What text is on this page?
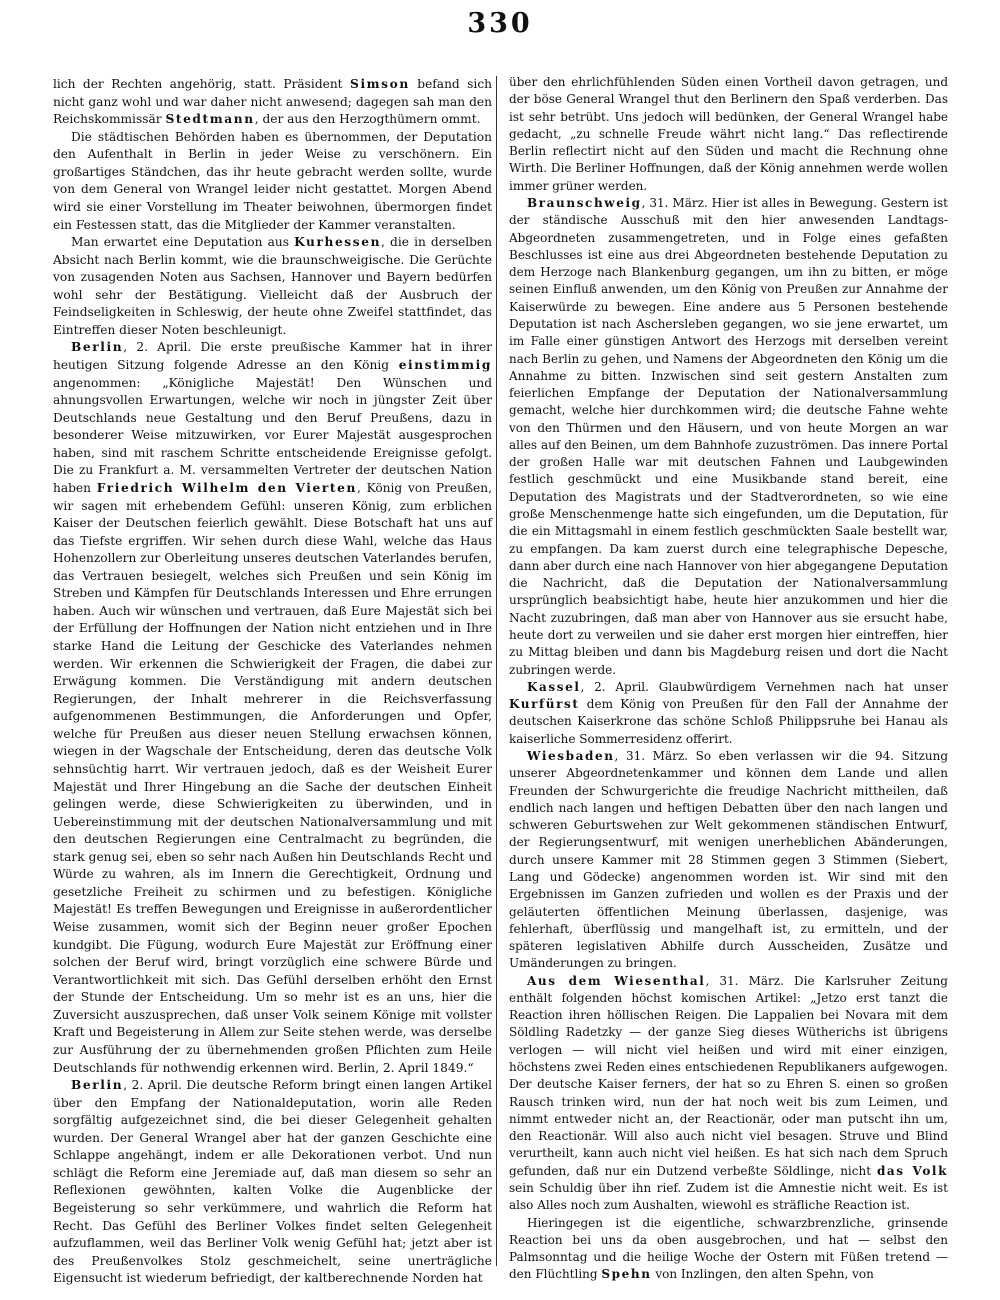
330

lich der Rechten angehörig, statt. Präsident Simson befand sich nicht ganz wohl und war daher nicht anwesend; dagegen sah man den Reichskommissär Stedtmann, der aus den Herzogthümern ommt.

Die städtischen Behörden haben es übernommen, der Deputation den Aufenthalt in Berlin in jeder Weise zu verschönern. Ein großartiges Ständchen, das ihr heute gebracht werden sollte, wurde von dem General von Wrangel leider nicht gestattet. Morgen Abend wird sie einer Vorstellung im Theater beiwohnen, übermorgen findet ein Festessen statt, das die Mitglieder der Kammer veranstalten.

Man erwartet eine Deputation aus Kurhessen, die in derselben Absicht nach Berlin kommt, wie die braunschweigische. Die Gerüchte von zusagenden Noten aus Sachsen, Hannover und Bayern bedürfen wohl sehr der Bestätigung. Vielleicht daß der Ausbruch der Feindseligkeiten in Schleswig, der heute ohne Zweifel stattfindet, das Eintreffen dieser Noten beschleunigt.

Berlin, 2. April. Die erste preußische Kammer hat in ihrer heutigen Sitzung folgende Adresse an den König einstimmig angenommen: „Königliche Majestät! Den Wünschen und ahnungsvollen Erwartungen, welche wir noch in jüngster Zeit über Deutschlands neue Gestaltung und den Beruf Preußens, dazu in besonderer Weise mitzuwirken, vor Eurer Majestät ausgesprochen haben, sind mit raschem Schritte entscheidende Ereignisse gefolgt. Die zu Frankfurt a. M. versammelten Vertreter der deutschen Nation haben Friedrich Wilhelm den Vierten, König von Preußen, wir sagen mit erhebendem Gefühl: unseren König, zum erblichen Kaiser der Deutschen feierlich gewählt. Diese Botschaft hat uns auf das Tiefste ergriffen. Wir sehen durch diese Wahl, welche das Haus Hohenzollern zur Oberleitung unseres deutschen Vaterlandes berufen, das Vertrauen besiegelt, welches sich Preußen und sein König im Streben und Kämpfen für Deutschlands Interessen und Ehre errungen haben. Auch wir wünschen und vertrauen, daß Eure Majestät sich bei der Erfüllung der Hoffnungen der Nation nicht entziehen und in Ihre starke Hand die Leitung der Geschicke des Vaterlandes nehmen werden. Wir erkennen die Schwierigkeit der Fragen, die dabei zur Erwägung kommen. Die Verständigung mit andern deutschen Regierungen, der Inhalt mehrerer in die Reichsverfassung aufgenommenen Bestimmungen, die Anforderungen und Opfer, welche für Preußen aus dieser neuen Stellung erwachsen können, wiegen in der Wagschale der Entscheidung, deren das deutsche Volk sehnsüchtig harrt. Wir vertrauen jedoch, daß es der Weisheit Eurer Majestät und Ihrer Hingebung an die Sache der deutschen Einheit gelingen werde, diese Schwierigkeiten zu überwinden, und in Uebereinstimmung mit der deutschen Nationalversammlung und mit den deutschen Regierungen eine Centralmacht zu begründen, die stark genug sei, eben so sehr nach Außen hin Deutschlands Recht und Würde zu wahren, als im Innern die Gerechtigkeit, Ordnung und gesetzliche Freiheit zu schirmen und zu befestigen. Königliche Majestät! Es treffen Bewegungen und Ereignisse in außerordentlicher Weise zusammen, womit sich der Beginn neuer großer Epochen kundgibt. Die Fügung, wodurch Eure Majestät zur Eröffnung einer solchen der Beruf wird, bringt vorzüglich eine schwere Bürde und Verantwortlichkeit mit sich. Das Gefühl derselben erhöht den Ernst der Stunde der Entscheidung. Um so mehr ist es an uns, hier die Zuversicht auszusprechen, daß unser Volk seinem Könige mit vollster Kraft und Begeisterung in Allem zur Seite stehen werde, was derselbe zur Ausführung der zu übernehmenden großen Pflichten zum Heile Deutschlands für nothwendig erkennen wird. Berlin, 2. April 1849.“

Berlin, 2. April. Die deutsche Reform bringt einen langen Artikel über den Empfang der Nationaldeputation, worin alle Reden sorgfältig aufgezeichnet sind, die bei dieser Gelegenheit gehalten wurden. Der General Wrangel aber hat der ganzen Geschichte eine Schlappe angehängt, indem er alle Dekorationen verbot. Und nun schlägt die Reform eine Jeremiade auf, daß man diesem so sehr an Reflexionen gewöhnten, kalten Volke die Augenblicke der Begeisterung so sehr verkümmere, und wahrlich die Reform hat Recht. Das Gefühl des Berliner Volkes findet selten Gelegenheit aufzuflammen, weil das Berliner Volk wenig Gefühl hat; jetzt aber ist des Preußenvolkes Stolz geschmeichelt, seine unerträgliche Eigensucht ist wiederum befriedigt, der kaltberechnende Norden hat

über den ehrlichfühlenden Süden einen Vortheil davon getragen, und der böse General Wrangel thut den Berlinern den Spaß verderben. Das ist sehr betrübt. Uns jedoch will bedünken, der General Wrangel habe gedacht, „zu schnelle Freude währt nicht lang.“ Das reflectirende Berlin reflectirt nicht auf den Süden und macht die Rechnung ohne Wirth. Die Berliner Hoffnungen, daß der König annehmen werde wollen immer grüner werden.

Braunschweig, 31. März. Hier ist alles in Bewegung. Gestern ist der ständische Ausschuß mit den hier anwesenden Landtags-Abgeordneten zusammengetreten, und in Folge eines gefaßten Beschlusses ist eine aus drei Abgeordneten bestehende Deputation zu dem Herzoge nach Blankenburg gegangen, um ihn zu bitten, er möge seinen Einfluß anwenden, um den König von Preußen zur Annahme der Kaiserwürde zu bewegen. Eine andere aus 5 Personen bestehende Deputation ist nach Aschersleben gegangen, wo sie jene erwartet, um im Falle einer günstigen Antwort des Herzogs mit derselben vereint nach Berlin zu gehen, und Namens der Abgeordneten den König um die Annahme zu bitten. Inzwischen sind seit gestern Anstalten zum feierlichen Empfange der Deputation der Nationalversammlung gemacht, welche hier durchkommen wird; die deutsche Fahne wehte von den Thürmen und den Häusern, und von heute Morgen an war alles auf den Beinen, um dem Bahnhofe zuzuströmen. Das innere Portal der großen Halle war mit deutschen Fahnen und Laubgewinden festlich geschmückt und eine Musikbande stand bereit, eine Deputation des Magistrats und der Stadtverordneten, so wie eine große Menschenmenge hatte sich eingefunden, um die Deputation, für die ein Mittagsmahl in einem festlich geschmückten Saale bestellt war, zu empfangen. Da kam zuerst durch eine telegraphische Depesche, dann aber durch eine nach Hannover von hier abgegangene Deputation die Nachricht, daß die Deputation der Nationalversammlung ursprünglich beabsichtigt habe, heute hier anzukommen und hier die Nacht zuzubringen, daß man aber von Hannover aus sie ersucht habe, heute dort zu verweilen und sie daher erst morgen hier eintreffen, hier zu Mittag bleiben und dann bis Magdeburg reisen und dort die Nacht zubringen werde.

Kassel, 2. April. Glaubwürdigem Vernehmen nach hat unser Kurfürst dem König von Preußen für den Fall der Annahme der deutschen Kaiserkrone das schöne Schloß Philippsruhe bei Hanau als kaiserliche Sommerresidenz offerirt.

Wiesbaden, 31. März. So eben verlassen wir die 94. Sitzung unserer Abgeordnetenkammer und können dem Lande und allen Freunden der Schwurgerichte die freudige Nachricht mittheilen, daß endlich nach langen und heftigen Debatten über den nach langen und schweren Geburtswehen zur Welt gekommenen ständischen Entwurf, der Regierungsentwurf, mit wenigen unerheblichen Abänderungen, durch unsere Kammer mit 28 Stimmen gegen 3 Stimmen (Siebert, Lang und Gödecke) angenommen worden ist. Wir sind mit den Ergebnissen im Ganzen zufrieden und wollen es der Praxis und der geläuterten öffentlichen Meinung überlassen, dasjenige, was fehlerhaft, überflüssig und mangelhaft ist, zu ermitteln, und der späteren legislativen Abhilfe durch Ausscheiden, Zusätze und Umänderungen zu bringen.

Aus dem Wiesenthal, 31. März. Die Karlsruher Zeitung enthält folgenden höchst komischen Artikel: „Jetzo erst tanzt die Reaction ihren höllischen Reigen. Die Lappalien bei Novara mit dem Söldling Radetzky — der ganze Sieg dieses Wütherichs ist übrigens verlogen — will nicht viel heißen und wird mit einer einzigen, höchstens zwei Reden eines entschiedenen Republikaners aufgewogen. Der deutsche Kaiser ferners, der hat so zu Ehren S. einen so großen Rausch trinken wird, nun der hat noch weit bis zum Leimen, und nimmt entweder nicht an, der Reactionär, oder man putscht ihn um, den Reactionär. Will also auch nicht viel besagen. Struve und Blind verurtheilt, kann auch nicht viel heißen. Es hat sich nach dem Spruch gefunden, daß nur ein Dutzend verbeßte Söldlinge, nicht das Volk sein Schuldig über ihn rief. Zudem ist die Amnestie nicht weit. Es ist also Alles noch zum Aushalten, wiewohl es sträfliche Reaction ist.

Hieringegen ist die eigentliche, schwarzbrenzliche, grinsende Reaction bei uns da oben ausgebrochen, und hat — selbst den Palmsonntag und die heilige Woche der Ostern mit Füßen tretend — den Flüchtling Spehn von Inzlingen, den alten Spehn, von
